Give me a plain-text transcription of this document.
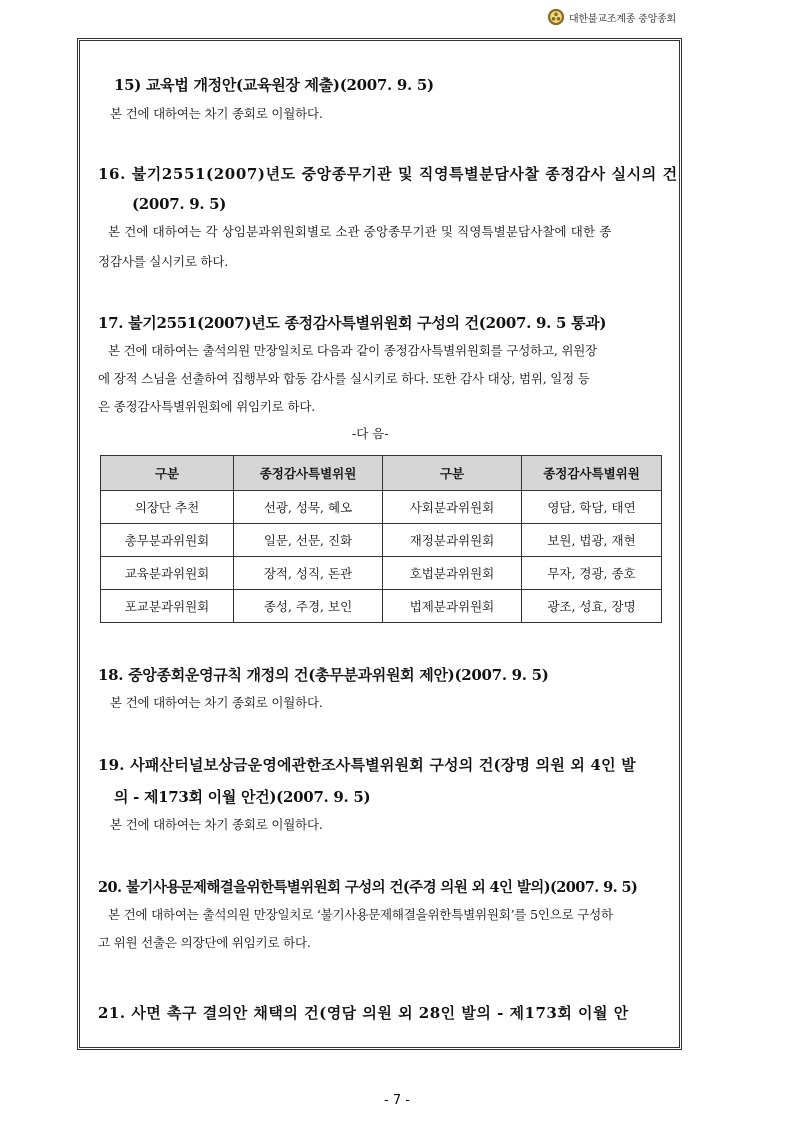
대한불교조계종 중앙종회
15) 교육법 개정안(교육원장 제출)(2007. 9. 5)
본 건에 대하여는 차기 종회로 이월하다.
16. 불기2551(2007)년도 중앙종무기관 및 직영특별분담사찰 종정감사 실시의 건
(2007. 9. 5)
본 건에 대하여는 각 상임분과위원회별로 소관 중앙종무기관 및 직영특별분담사찰에 대한 종
정감사를 실시키로 하다.
17. 불기2551(2007)년도 종정감사특별위원회 구성의 건(2007. 9. 5 통과)
본 건에 대하여는 출석의원 만장일치로 다음과 같이 종정감사특별위원회를 구성하고, 위원장
에 장적 스님을 선출하여 집행부와 합동 감사를 실시키로 하다. 또한 감사 대상, 범위, 일정 등
은 종정감사특별위원회에 위임키로 하다.
-다 음-
구분	종정감사특별위원	구분	종정감사특별위원
의장단 추천	선광, 성묵, 혜오	사회분과위원회	영담, 학담, 태연
총무분과위원회	일문, 선문, 진화	재정분과위원회	보원, 법광, 재현
교육분과위원회	장적, 성직, 돈관	호법분과위원회	무자, 경광, 종호
포교분과위원회	종성, 주경, 보인	법제분과위원회	광조, 성효, 장명
18. 중앙종회운영규칙 개정의 건(총무분과위원회 제안)(2007. 9. 5)
본 건에 대하여는 차기 종회로 이월하다.
19. 사패산터널보상금운영에관한조사특별위원회 구성의 건(장명 의원 외 4인 발
의 - 제173회 이월 안건)(2007. 9. 5)
본 건에 대하여는 차기 종회로 이월하다.
20. 불기사용문제해결을위한특별위원회 구성의 건(주경 의원 외 4인 발의)(2007. 9. 5)
본 건에 대하여는 출석의원 만장일치로 ‘불기사용문제해결을위한특별위원회’를 5인으로 구성하
고 위원 선출은 의장단에 위임키로 하다.
21. 사면 촉구 결의안 채택의 건(영담 의원 외 28인 발의 - 제173회 이월 안
- 7 -
